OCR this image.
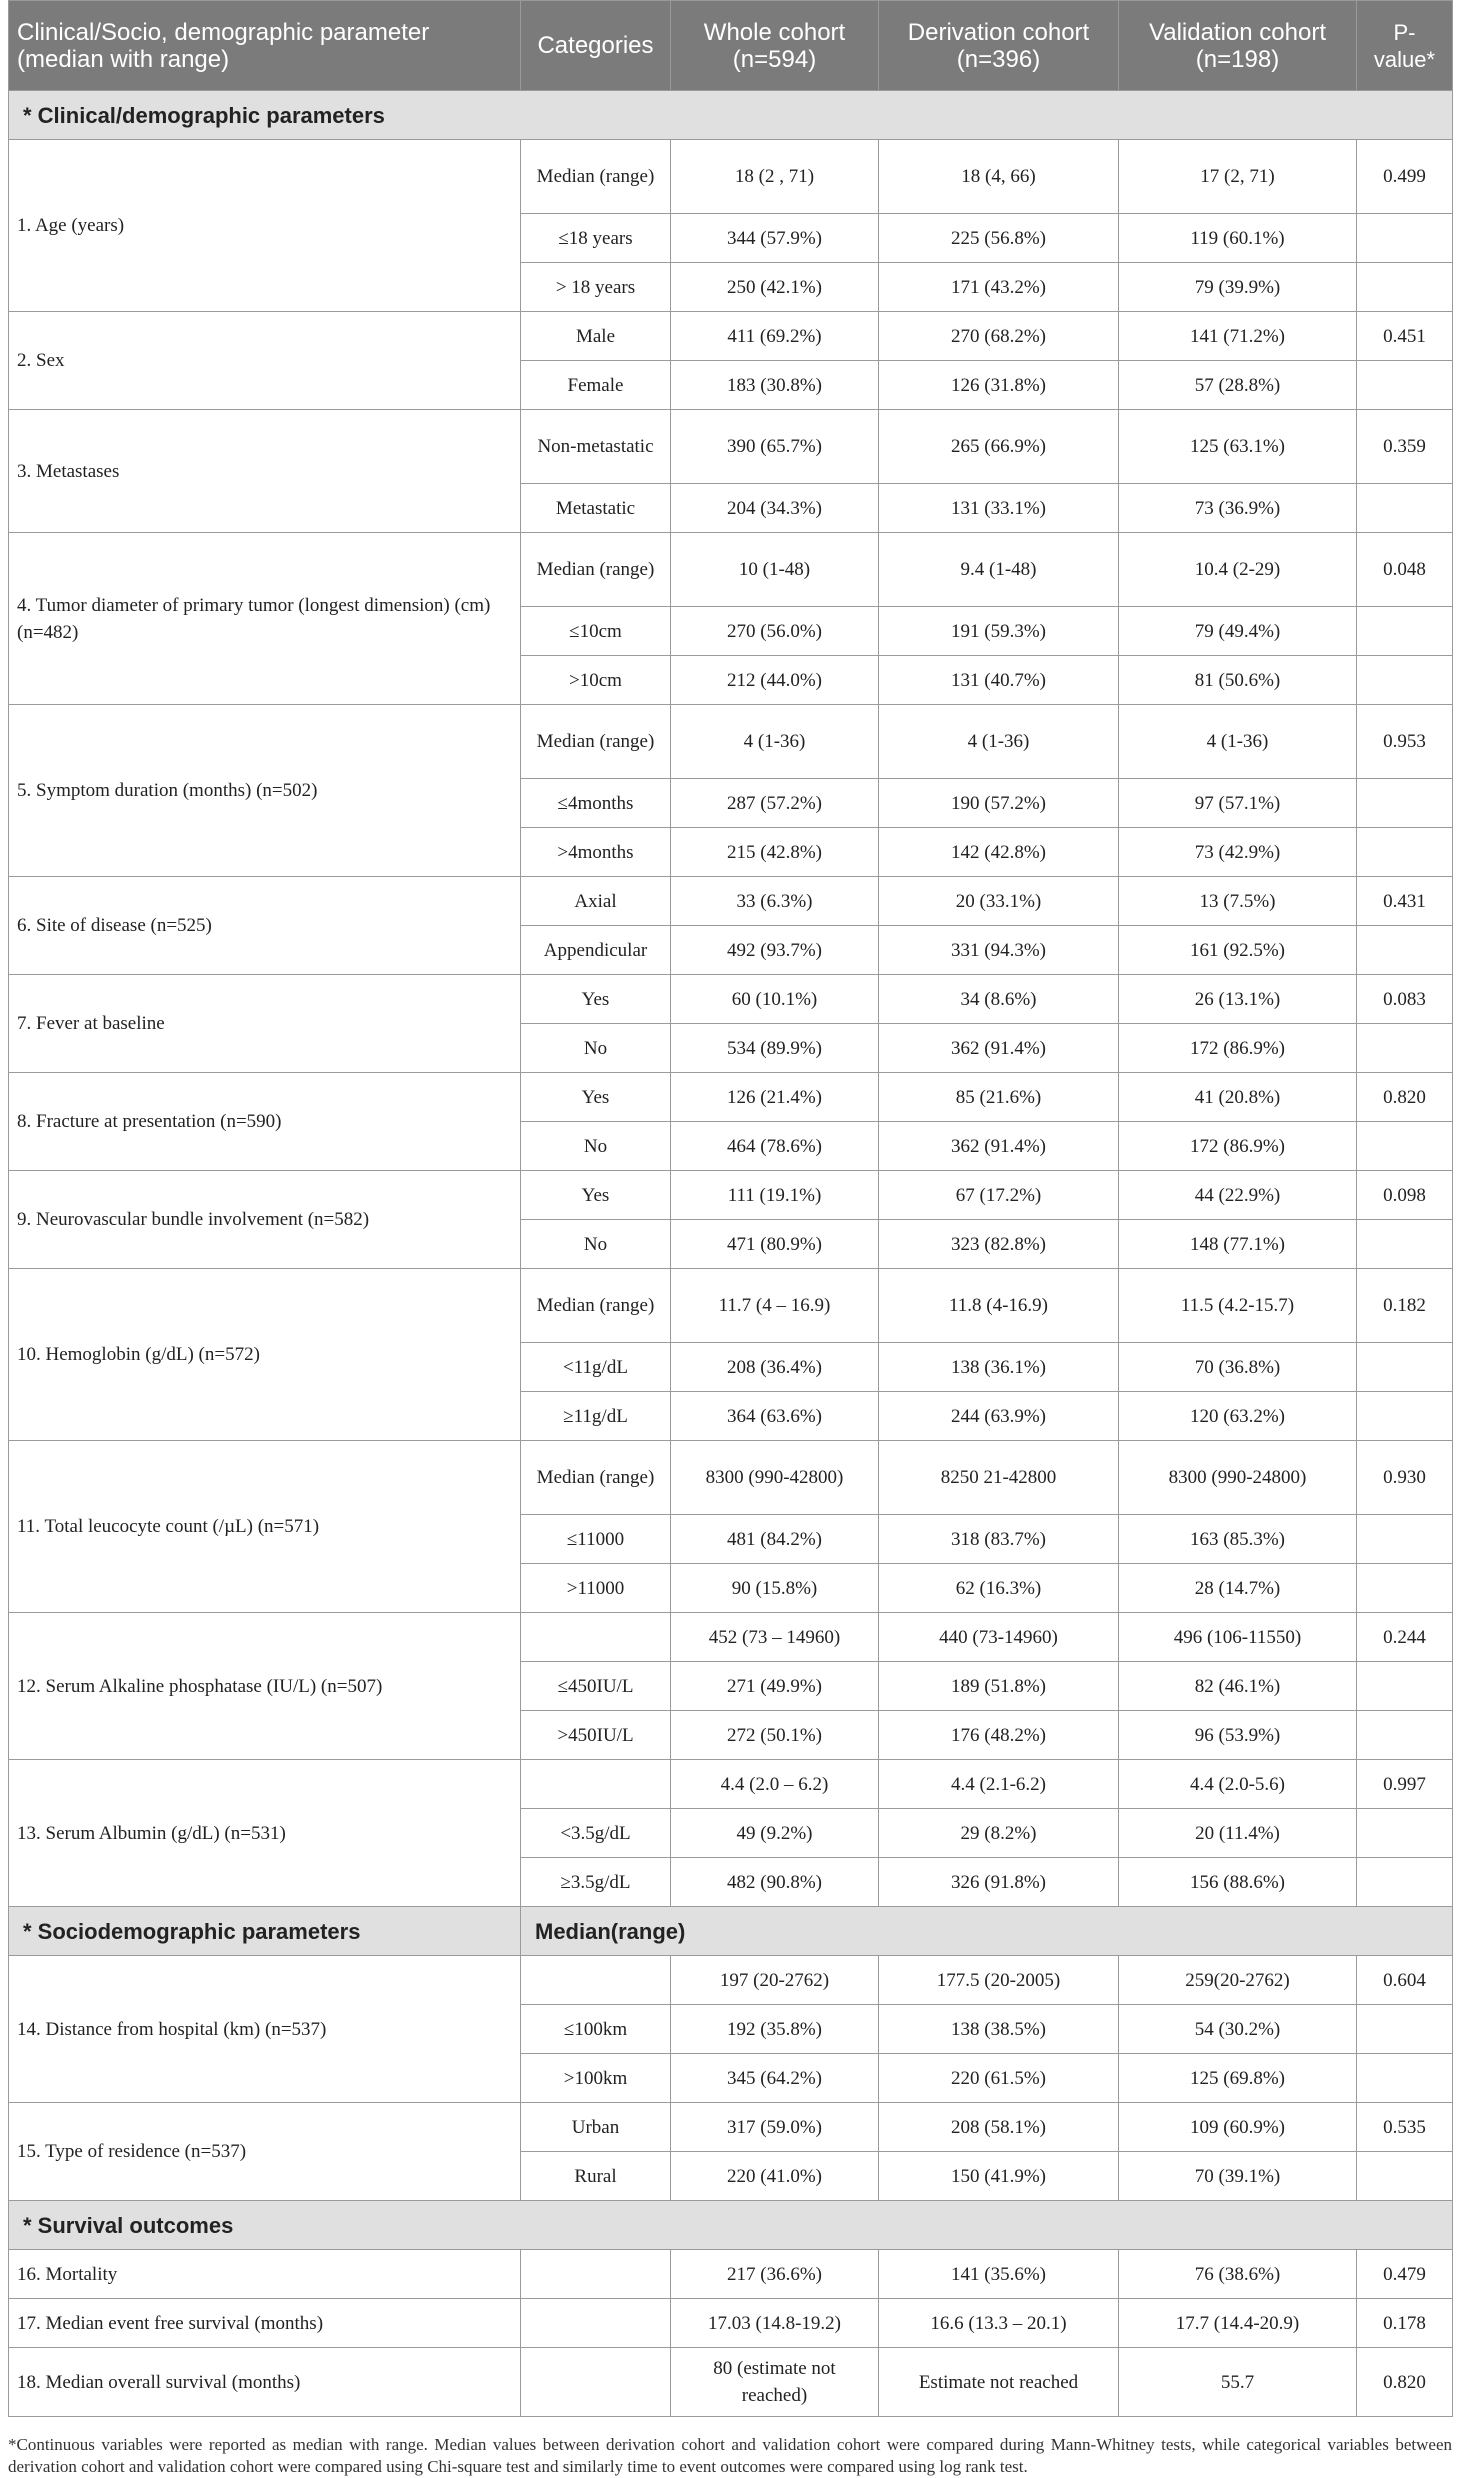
Clinical/Socio, demographic parameter (median with range)	Categories	Whole cohort (n=594)	Derivation cohort (n=396)	Validation cohort (n=198)	P-value*
* Clinical/demographic parameters					
1. Age (years)	Median (range)	18 (2 , 71)	18 (4, 66)	17 (2, 71)	0.499
	≤18 years	344 (57.9%)	225 (56.8%)	119 (60.1%)	
	> 18 years	250 (42.1%)	171 (43.2%)	79 (39.9%)	
2. Sex	Male	411 (69.2%)	270 (68.2%)	141 (71.2%)	0.451
	Female	183 (30.8%)	126 (31.8%)	57 (28.8%)	
3. Metastases	Non-metastatic	390 (65.7%)	265 (66.9%)	125 (63.1%)	0.359
	Metastatic	204 (34.3%)	131 (33.1%)	73 (36.9%)	
4. Tumor diameter of primary tumor (longest dimension) (cm) (n=482)	Median (range)	10 (1-48)	9.4 (1-48)	10.4 (2-29)	0.048
	≤10cm	270 (56.0%)	191 (59.3%)	79 (49.4%)	
	>10cm	212 (44.0%)	131 (40.7%)	81 (50.6%)	
5. Symptom duration (months) (n=502)	Median (range)	4 (1-36)	4 (1-36)	4 (1-36)	0.953
	≤4months	287 (57.2%)	190 (57.2%)	97 (57.1%)	
	>4months	215 (42.8%)	142 (42.8%)	73 (42.9%)	
6. Site of disease (n=525)	Axial	33 (6.3%)	20 (33.1%)	13 (7.5%)	0.431
	Appendicular	492 (93.7%)	331 (94.3%)	161 (92.5%)	
7. Fever at baseline	Yes	60 (10.1%)	34 (8.6%)	26 (13.1%)	0.083
	No	534 (89.9%)	362 (91.4%)	172 (86.9%)	
8. Fracture at presentation (n=590)	Yes	126 (21.4%)	85 (21.6%)	41 (20.8%)	0.820
	No	464 (78.6%)	362 (91.4%)	172 (86.9%)	
9. Neurovascular bundle involvement (n=582)	Yes	111 (19.1%)	67 (17.2%)	44 (22.9%)	0.098
	No	471 (80.9%)	323 (82.8%)	148 (77.1%)	
10. Hemoglobin (g/dL) (n=572)	Median (range)	11.7 (4 – 16.9)	11.8 (4-16.9)	11.5 (4.2-15.7)	0.182
	<11g/dL	208 (36.4%)	138 (36.1%)	70 (36.8%)	
	≥11g/dL	364 (63.6%)	244 (63.9%)	120 (63.2%)	
11. Total leucocyte count (/µL) (n=571)	Median (range)	8300 (990-42800)	8250 21-42800	8300 (990-24800)	0.930
	≤11000	481 (84.2%)	318 (83.7%)	163 (85.3%)	
	>11000	90 (15.8%)	62 (16.3%)	28 (14.7%)	
12. Serum Alkaline phosphatase (IU/L) (n=507)		452 (73 – 14960)	440 (73-14960)	496 (106-11550)	0.244
	≤450IU/L	271 (49.9%)	189 (51.8%)	82 (46.1%)	
	>450IU/L	272 (50.1%)	176 (48.2%)	96 (53.9%)	
13. Serum Albumin (g/dL) (n=531)		4.4 (2.0 – 6.2)	4.4 (2.1-6.2)	4.4 (2.0-5.6)	0.997
	<3.5g/dL	49 (9.2%)	29 (8.2%)	20 (11.4%)	
	≥3.5g/dL	482 (90.8%)	326 (91.8%)	156 (88.6%)	
* Sociodemographic parameters	Median(range)				
14. Distance from hospital (km) (n=537)		197 (20-2762)	177.5 (20-2005)	259(20-2762)	0.604
	≤100km	192 (35.8%)	138 (38.5%)	54 (30.2%)	
	>100km	345 (64.2%)	220 (61.5%)	125 (69.8%)	
15. Type of residence (n=537)	Urban	317 (59.0%)	208 (58.1%)	109 (60.9%)	0.535
	Rural	220 (41.0%)	150 (41.9%)	70 (39.1%)	
* Survival outcomes					
16. Mortality		217 (36.6%)	141 (35.6%)	76 (38.6%)	0.479
17. Median event free survival (months)		17.03 (14.8-19.2)	16.6 (13.3 – 20.1)	17.7 (14.4-20.9)	0.178
18. Median overall survival (months)		80 (estimate not reached)	Estimate not reached	55.7	0.820
*Continuous variables were reported as median with range. Median values between derivation cohort and validation cohort were compared during Mann-Whitney tests, while categorical variables between derivation cohort and validation cohort were compared using Chi-square test and similarly time to event outcomes were compared using log rank test.
